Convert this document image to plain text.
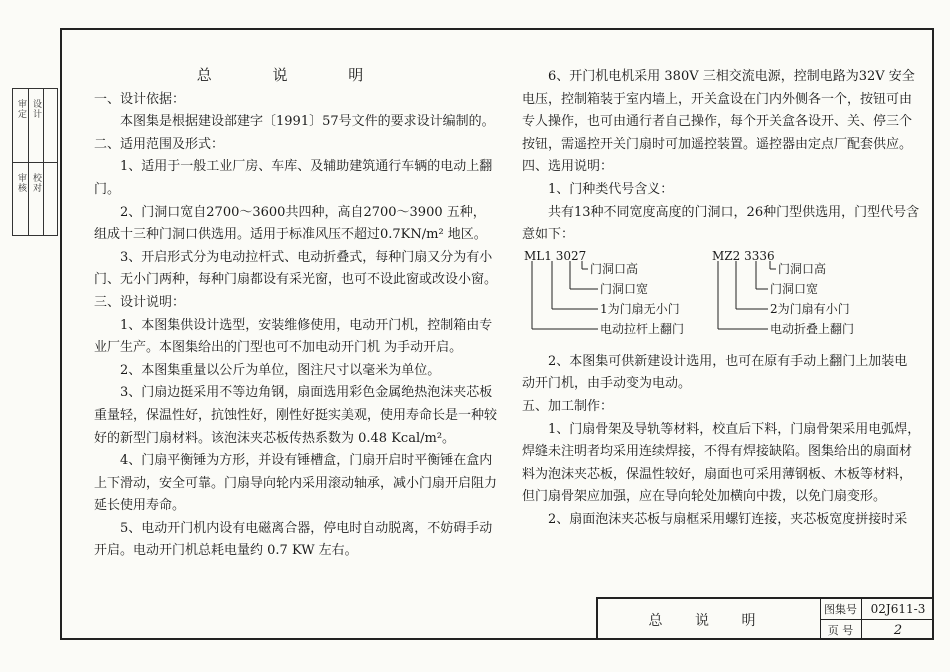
审定 设计
审核 校对

总 说 明

一、设计依据：

本图集是根据建设部建字〔1991〕57号文件的要求设计编制的。

二、适用范围及形式：

1、适用于一般工业厂房、车库、及辅助建筑通行车辆的电动上翻

门。

2、门洞口宽自2700～3600共四种，高自2700～3900 五种，

组成十三种门洞口供选用。适用于标准风压不超过0.7KN/m² 地区。

3、开启形式分为电动拉杆式、电动折叠式，每种门扇又分为有小

门、无小门两种，每种门扇都设有采光窗，也可不设此窗或改设小窗。

三、设计说明：

1、本图集供设计选型，安装维修使用，电动开门机，控制箱由专

业厂生产。本图集给出的门型也可不加电动开门机 为手动开启。

2、本图集重量以公斤为单位，图注尺寸以毫米为单位。

3、门扇边挺采用不等边角钢，扇面选用彩色金属绝热泡沫夹芯板

重量轻，保温性好，抗蚀性好，刚性好挺实美观，使用寿命长是一种较

好的新型门扇材料。该泡沫夹芯板传热系数为 0.48 Kcal/m²。

4、门扇平衡锤为方形，并设有锤槽盒，门扇开启时平衡锤在盒内

上下滑动，安全可靠。门扇导向轮内采用滚动轴承，减小门扇开启阻力

延长使用寿命。

5、电动开门机内设有电磁离合器，停电时自动脱离，不妨碍手动

开启。电动开门机总耗电量约 0.7 KW 左右。

6、开门机电机采用 380V 三相交流电源，控制电路为32V 安全

电压，控制箱装于室内墙上，开关盒设在门内外侧各一个，按钮可由

专人操作，也可由通行者自己操作，每个开关盒各设开、关、停三个

按钮，需遥控开关门扇时可加遥控装置。遥控器由定点厂配套供应。

四、选用说明：

1、门种类代号含义：

共有13种不同宽度高度的门洞口，26种门型供选用，门型代号含

意如下：

ML1 3027
门洞口高
门洞口宽
1为门扇无小门
电动拉杆上翻门
MZ2 3336
门洞口高
门洞口宽
2为门扇有小门
电动折叠上翻门

2、本图集可供新建设计选用，也可在原有手动上翻门上加装电

动开门机，由手动变为电动。

五、加工制作：

1、门扇骨架及导轨等材料，校直后下料，门扇骨架采用电弧焊，

焊缝未注明者均采用连续焊接，不得有焊接缺陷。图集给出的扇面材

料为泡沫夹芯板，保温性较好，扇面也可采用薄钢板、木板等材料，

但门扇骨架应加强，应在导向轮处加横向中拨，以免门扇变形。

2、扇面泡沫夹芯板与扇框采用螺钉连接，夹芯板宽度拼接时采

总 说 明
图集号	02J611-3
页 号	2
